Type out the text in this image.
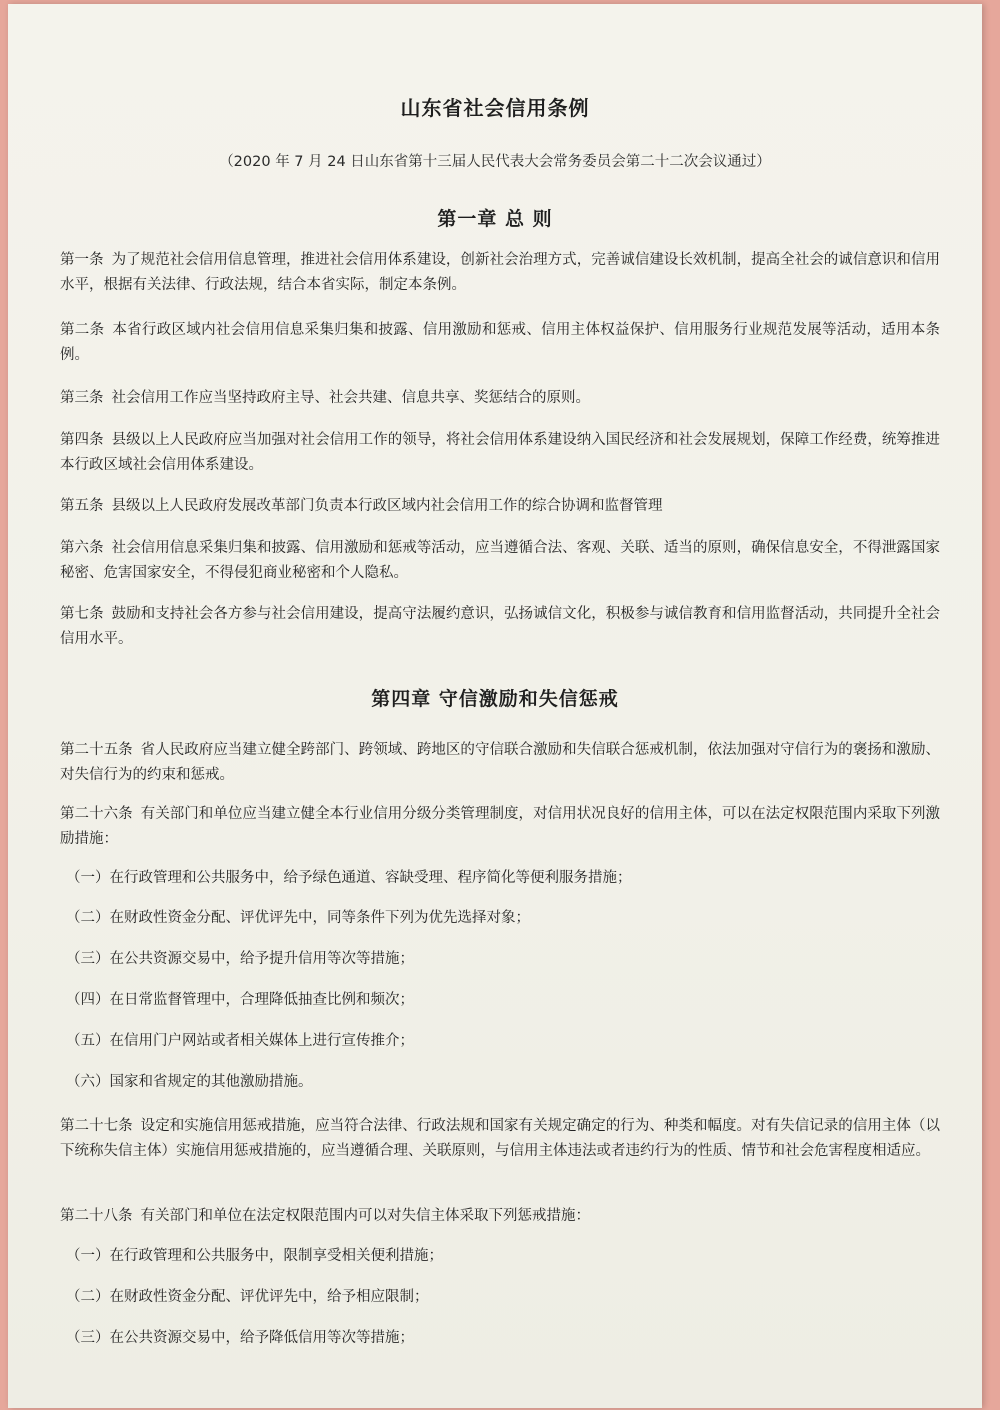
山东省社会信用条例
（2020 年 7 月 24 日山东省第十三届人民代表大会常务委员会第二十二次会议通过）
第一章 总 则
第一条 为了规范社会信用信息管理，推进社会信用体系建设，创新社会治理方式，完善诚信建设长效机制，提高全社会的诚信意识和信用水平，根据有关法律、行政法规，结合本省实际，制定本条例。
第二条 本省行政区域内社会信用信息采集归集和披露、信用激励和惩戒、信用主体权益保护、信用服务行业规范发展等活动，适用本条例。
第三条 社会信用工作应当坚持政府主导、社会共建、信息共享、奖惩结合的原则。
第四条 县级以上人民政府应当加强对社会信用工作的领导，将社会信用体系建设纳入国民经济和社会发展规划，保障工作经费，统筹推进本行政区域社会信用体系建设。
第五条 县级以上人民政府发展改革部门负责本行政区域内社会信用工作的综合协调和监督管理
第六条 社会信用信息采集归集和披露、信用激励和惩戒等活动，应当遵循合法、客观、关联、适当的原则，确保信息安全，不得泄露国家秘密、危害国家安全，不得侵犯商业秘密和个人隐私。
第七条 鼓励和支持社会各方参与社会信用建设，提高守法履约意识，弘扬诚信文化，积极参与诚信教育和信用监督活动，共同提升全社会信用水平。
第四章 守信激励和失信惩戒
第二十五条 省人民政府应当建立健全跨部门、跨领域、跨地区的守信联合激励和失信联合惩戒机制，依法加强对守信行为的褒扬和激励、对失信行为的约束和惩戒。
第二十六条 有关部门和单位应当建立健全本行业信用分级分类管理制度，对信用状况良好的信用主体，可以在法定权限范围内采取下列激励措施：
（一）在行政管理和公共服务中，给予绿色通道、容缺受理、程序简化等便利服务措施；
（二）在财政性资金分配、评优评先中，同等条件下列为优先选择对象；
（三）在公共资源交易中，给予提升信用等次等措施；
（四）在日常监督管理中，合理降低抽查比例和频次；
（五）在信用门户网站或者相关媒体上进行宣传推介；
（六）国家和省规定的其他激励措施。
第二十七条 设定和实施信用惩戒措施，应当符合法律、行政法规和国家有关规定确定的行为、种类和幅度。对有失信记录的信用主体（以下统称失信主体）实施信用惩戒措施的，应当遵循合理、关联原则，与信用主体违法或者违约行为的性质、情节和社会危害程度相适应。
第二十八条 有关部门和单位在法定权限范围内可以对失信主体采取下列惩戒措施：
（一）在行政管理和公共服务中，限制享受相关便利措施；
（二）在财政性资金分配、评优评先中，给予相应限制；
（三）在公共资源交易中，给予降低信用等次等措施；
